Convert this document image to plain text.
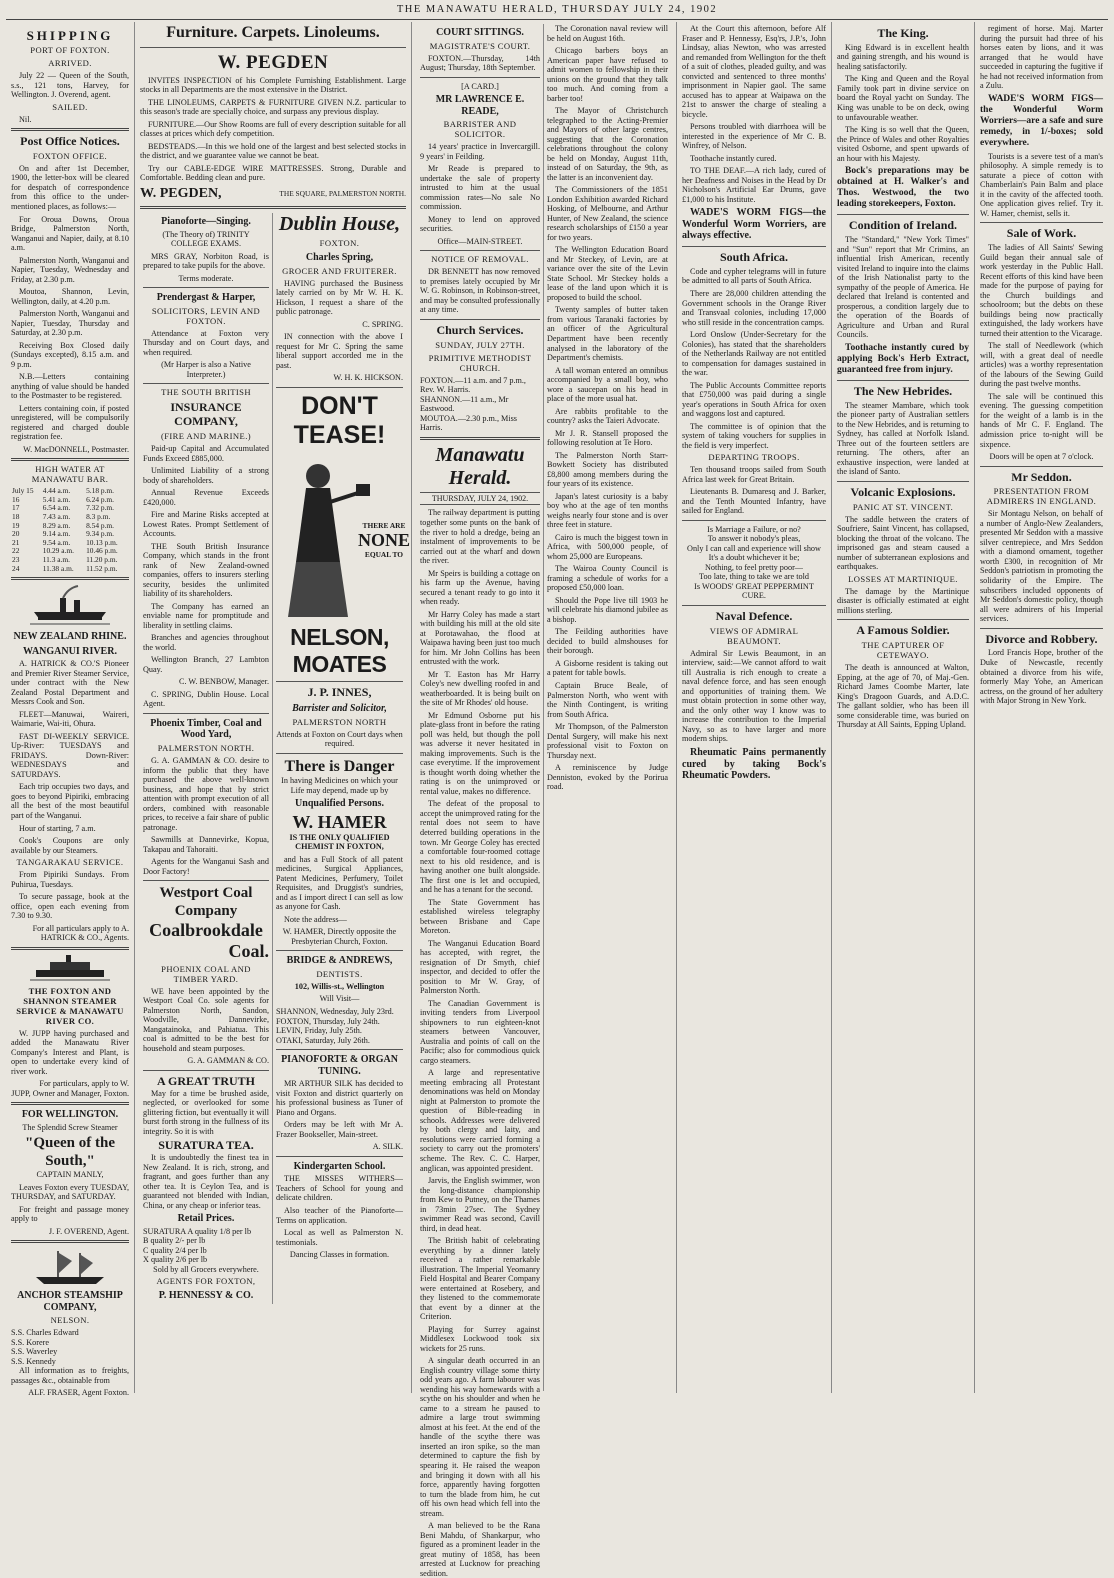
THE MANAWATU HERALD, THURSDAY JULY 24, 1902
SHIPPING
PORT OF FOXTON.
ARRIVED.

July 22 — Queen of the South, s.s., 121 tons, Harvey, for Wellington. J. Overend, agent.

SAILED.

Nil.

Post Office Notices.
FOXTON OFFICE.

On and after 1st December, 1900, the letter-box will be cleared for despatch of correspondence from this office to the under-mentioned places, as follows:—

For Oroua Downs, Oroua Bridge, Palmerston North, Wanganui and Napier, daily, at 8.10 a.m.

Palmerston North, Wanganui and Napier, Tuesday, Wednesday and Friday, at 2.30 p.m.

Moutoa, Shannon, Levin, Wellington, daily, at 4.20 p.m.

Palmerston North, Wanganui and Napier, Tuesday, Thursday and Saturday, at 2.30 p.m.

Receiving Box Closed daily (Sundays excepted), 8.15 a.m. and 9 p.m.

N.B.—Letters containing anything of value should be handed to the Postmaster to be registered.

Letters containing coin, if posted unregistered, will be compulsorily registered and charged double registration fee.

W. MacDONNELL, Postmaster.

HIGH WATER AT MANAWATU BAR.
July 15	4.44 a.m.	5.18 p.m.
16	5.41 a.m.	6.24 p.m.
17	6.54 a.m.	7.32 p.m.
18	7.43 a.m.	8.3 p.m.
19	8.29 a.m.	8.54 p.m.
20	9.14 a.m.	9.34 p.m.
21	9.54 a.m.	10.13 p.m.
22	10.29 a.m.	10.46 p.m.
23	11.3 a.m.	11.20 p.m.
24	11.38 a.m.	11.52 p.m.
NEW ZEALAND RHINE.
WANGANUI RIVER.

A. HATRICK & CO.'S Pioneer and Premier River Steamer Service, under contract with the New Zealand Postal Department and Messrs Cook and Son.

FLEET—Manuwai, Waireri, Waimarie, Wai-iti, Ohura.

FAST DI-WEEKLY SERVICE. Up-River: TUESDAYS and FRIDAYS. Down-River: WEDNESDAYS and SATURDAYS.

Each trip occupies two days, and goes to beyond Pipiriki, embracing all the best of the most beautiful part of the Wanganui.

Hour of starting, 7 a.m.

Cook's Coupons are only available by our Steamers.

TANGARAKAU SERVICE.

From Pipiriki Sundays. From Puhirua, Tuesdays.

To secure passage, book at the office, open each evening from 7.30 to 9.30.

For all particulars apply to A. HATRICK & CO., Agents.

THE FOXTON AND SHANNON STEAMER SERVICE & MANAWATU RIVER CO.

W. JUPP having purchased and added the Manawatu River Company's Interest and Plant, is open to undertake every kind of river work.

For particulars, apply to W. JUPP, Owner and Manager, Foxton.

FOR WELLINGTON.

The Splendid Screw Steamer

"Queen of the South,"

CAPTAIN MANLY,

Leaves Foxton every TUESDAY, THURSDAY, and SATURDAY.

For freight and passage money apply to

J. F. OVEREND, Agent.

ANCHOR STEAMSHIP COMPANY,
NELSON.
S.S. Charles Edward
S.S. Korere
S.S. Waverley
S.S. Kennedy

All information as to freights, passages &c., obtainable from

ALF. FRASER, Agent Foxton.

Furniture. Carpets. Linoleums.
W. PEGDEN

INVITES INSPECTION of his Complete Furnishing Establishment. Large stocks in all Departments are the most extensive in the District.

THE LINOLEUMS, CARPETS & FURNITURE GIVEN N.Z. particular to this season's trade are specially choice, and surpass any previous display.

FURNITURE.—Our Show Rooms are full of every description suitable for all classes at prices which defy competition.

BEDSTEADS.—In this we hold one of the largest and best selected stocks in the district, and we guarantee value we cannot be beat.

Try our CABLE-EDGE WIRE MATTRESSES. Strong, Durable and Comfortable. Bedding clean and pure.

W. PEGDEN,	THE SQUARE, PALMERSTON NORTH.
Pianoforte—Singing.

(The Theory of) TRINITY COLLEGE EXAMS.

MRS GRAY, Norbiton Road, is prepared to take pupils for the above.

Terms moderate.

Prendergast & Harper,
SOLICITORS, LEVIN AND FOXTON.

Attendance at Foxton very Thursday and on Court days, and when required.

(Mr Harper is also a Native Interpreter.)

THE SOUTH BRITISH
INSURANCE COMPANY,
(FIRE AND MARINE.)

Paid-up Capital and Accumulated Funds Exceed £885,000.

Unlimited Liability of a strong body of shareholders.

Annual Revenue Exceeds £420,000.

Fire and Marine Risks accepted at Lowest Rates. Prompt Settlement of Accounts.

THE South British Insurance Company, which stands in the front rank of New Zealand-owned companies, offers to insurers sterling security, besides the unlimited liability of its shareholders.

The Company has earned an enviable name for promptitude and liberality in settling claims.

Branches and agencies throughout the world.

Wellington Branch, 27 Lambton Quay.

C. W. BENBOW, Manager.

C. SPRING, Dublin House. Local Agent.

Phoenix Timber, Coal and Wood Yard,
PALMERSTON NORTH.

G. A. GAMMAN & CO. desire to inform the public that they have purchased the above well-known business, and hope that by strict attention with prompt execution of all orders, combined with reasonable prices, to receive a fair share of public patronage.

Sawmills at Dannevirke, Kopua, Takapau and Tahoraiti.

Agents for the Wanganui Sash and Door Factory!

Westport Coal Company
Coalbrookdale
Coal.
PHOENIX COAL AND TIMBER YARD.

WE have been appointed by the Westport Coal Co. sole agents for Palmerston North, Sandon, Woodville, Dannevirke, Mangatainoka, and Pahiatua. This coal is admitted to be the best for household and steam purposes.

G. A. GAMMAN & CO.

A GREAT TRUTH

May for a time be brushed aside, neglected, or overlooked for some glittering fiction, but eventually it will burst forth strong in the fullness of its integrity. So it is with

SURATURA TEA.

It is undoubtedly the finest tea in New Zealand. It is rich, strong, and fragrant, and goes further than any other tea. It is Ceylon Tea, and is guaranteed not blended with Indian, China, or any cheap or inferior teas.

Retail Prices.
SURATURA A quality 1/8 per lb
B quality 2/- per lb
C quality 2/4 per lb
X quality 2/6 per lb

Sold by all Grocers everywhere.

AGENTS FOR FOXTON,
P. HENNESSY & CO.
Dublin House,
FOXTON.
Charles Spring,
GROCER AND FRUITERER.

HAVING purchased the Business lately carried on by Mr W. H. K. Hickson, I request a share of the public patronage.

C. SPRING.

IN connection with the above I request for Mr C. Spring the same liberal support accorded me in the past.

W. H. K. HICKSON.

DON'T TEASE!
THERE ARE
NONE
EQUAL TO
NELSON, MOATES
J. P. INNES,
Barrister and Solicitor,
PALMERSTON NORTH

Attends at Foxton on Court days when required.

There is Danger

In having Medicines on which your Life may depend, made up by

Unqualified Persons.
W. HAMER

IS THE ONLY QUALIFIED CHEMIST IN FOXTON,

and has a Full Stock of all patent medicines, Surgical Appliances, Patent Medicines, Perfumery, Toilet Requisites, and Druggist's sundries, and as I import direct I can sell as low as anyone for Cash.

Note the address—

W. HAMER, Directly opposite the Presbyterian Church, Foxton.

BRIDGE & ANDREWS,
DENTISTS.

102, Willis-st., Wellington

Will Visit—

SHANNON, Wednesday, July 23rd.
FOXTON, Thursday, July 24th.
LEVIN, Friday, July 25th.
OTAKI, Saturday, July 26th.
PIANOFORTE & ORGAN TUNING.

MR ARTHUR SILK has decided to visit Foxton and district quarterly on his professional business as Tuner of Piano and Organs.

Orders may be left with Mr A. Frazer Bookseller, Main-street.

A. SILK.

Kindergarten School.

THE MISSES WITHERS—Teachers of School for young and delicate children.

Also teacher of the Pianoforte—Terms on application.

Local as well as Palmerston N. testimonials.

Dancing Classes in formation.

COURT SITTINGS.
MAGISTRATE'S COURT.

FOXTON.—Thursday, 14th August; Thursday, 18th September.

[A CARD.]

MR LAWRENCE E. READE,
BARRISTER AND SOLICITOR.

14 years' practice in Invercargill. 9 years' in Feilding.

Mr Reade is prepared to undertake the sale of property intrusted to him at the usual commission rates—No sale No commission.

Money to lend on approved securities.

Office—MAIN-STREET.

NOTICE OF REMOVAL.

DR BENNETT has now removed to premises lately occupied by Mr W. G. Robinson, in Robinson-street, and may be consulted professionally at any time.

Church Services.
SUNDAY, JULY 27TH.
PRIMITIVE METHODIST CHURCH.
FOXTON.—11 a.m. and 7 p.m., Rev. W. Harris.
SHANNON.—11 a.m., Mr Eastwood.
MOUTOA.—2.30 p.m., Miss Harris.
Manawatu Herald.
THURSDAY, JULY 24, 1902.

The railway department is putting together some punts on the bank of the river to hold a dredge, being an instalment of improvements to be carried out at the wharf and down the river.

Mr Speirs is building a cottage on his farm up the Avenue, having secured a tenant ready to go into it when ready.

Mr Harry Coley has made a start with building his mill at the old site at Porotawahao, the flood at Waipawa having been just too much for him. Mr John Collins has been entrusted with the work.

Mr T. Easton has Mr Harry Coley's new dwelling roofed in and weatherboarded. It is being built on the site of Mr Rhodes' old house.

Mr Edmund Osborne put his plate-glass front in before the rating poll was held, but though the poll was adverse it never hesitated in making improvements. Such is the case everytime. If the improvement is thought worth doing whether the rating is on the unimproved or rental value, makes no difference.

The defeat of the proposal to accept the unimproved rating for the rental does not seem to have deterred building operations in the town. Mr George Coley has erected a comfortable four-roomed cottage next to his old residence, and is having another one built alongside. The first one is let and occupied, and he has a tenant for the second.

The State Government has established wireless telegraphy between Brisbane and Cape Moreton.

The Wanganui Education Board has accepted, with regret, the resignation of Dr Smyth, chief inspector, and decided to offer the position to Mr W. Gray, of Palmerston North.

The Canadian Government is inviting tenders from Liverpool shipowners to run eighteen-knot steamers between Vancouver, Australia and points of call on the Pacific; also for commodious quick cargo steamers.

A large and representative meeting embracing all Protestant denominations was held on Monday night at Palmerston to promote the question of Bible-reading in schools. Addresses were delivered by both clergy and laity, and resolutions were carried forming a society to carry out the promoters' scheme. The Rev. C. C. Harper, anglican, was appointed president.

Jarvis, the English swimmer, won the long-distance championship from Kew to Putney, on the Thames in 73min 27sec. The Sydney swimmer Read was second, Cavill third, in dead heat.

The British habit of celebrating everything by a dinner lately received a rather remarkable illustration. The Imperial Yeomanry Field Hospital and Bearer Company were entertained at Rosebery, and they listened to the commemorate that event by a dinner at the Criterion.

Playing for Surrey against Middlesex Lockwood took six wickets for 25 runs.

A singular death occurred in an English country village some thirty odd years ago. A farm labourer was wending his way homewards with a scythe on his shoulder and when he came to a stream he paused to admire a large trout swimming almost at his feet. At the end of the handle of the scythe there was inserted an iron spike, so the man determined to capture the fish by spearing it. He raised the weapon and bringing it down with all his force, apparently having forgotten to turn the blade from him, he cut off his own head which fell into the stream.

A man believed to be the Rana Beni Mahdu, of Shankarpur, who figured as a prominent leader in the great mutiny of 1858, has been arrested at Lucknow for preaching sedition.

The Coronation naval review will be held on August 16th.

Chicago barbers boys an American paper have refused to admit women to fellowship in their unions on the ground that they talk too much. And coming from a barber too!

The Mayor of Christchurch telegraphed to the Acting-Premier and Mayors of other large centres, suggesting that the Coronation celebrations throughout the colony be held on Monday, August 11th, instead of on Saturday, the 9th, as the latter is an inconvenient day.

The Commissioners of the 1851 London Exhibition awarded Richard Hosking, of Melbourne, and Arthur Hunter, of New Zealand, the science research scholarships of £150 a year for two years.

The Wellington Education Board and Mr Steckey, of Levin, are at variance over the site of the Levin State School. Mr Steckey holds a lease of the land upon which it is proposed to build the school.

Twenty samples of butter taken from various Taranaki factories by an officer of the Agricultural Department have been recently analysed in the laboratory of the Department's chemists.

A tall woman entered an omnibus accompanied by a small boy, who wore a saucepan on his head in place of the more usual hat.

Are rabbits profitable to the country? asks the Taieri Advocate.

Mr J. R. Stansell proposed the following resolution at Te Horo.

The Palmerston North Starr-Bowkett Society has distributed £8,800 among members during the four years of its existence.

Japan's latest curiosity is a baby boy who at the age of ten months weighs nearly four stone and is over three feet in stature.

Cairo is much the biggest town in Africa, with 500,000 people, of whom 25,000 are Europeans.

The Wairoa County Council is framing a schedule of works for a proposed £50,000 loan.

Should the Pope live till 1903 he will celebrate his diamond jubilee as a bishop.

The Feilding authorities have decided to build almshouses for their borough.

A Gisborne resident is taking out a patent for table bowls.

Captain Bruce Beale, of Palmerston North, who went with the Ninth Contingent, is writing from South Africa.

Mr Thompson, of the Palmerston Dental Surgery, will make his next professional visit to Foxton on Thursday next.

A reminiscence by Judge Denniston, evoked by the Porirua road.

At the Court this afternoon, before Alf Fraser and P. Hennessy, Esq'rs, J.P.'s, John Lindsay, alias Newton, who was arrested and remanded from Wellington for the theft of a suit of clothes, pleaded guilty, and was convicted and sentenced to three months' imprisonment in Napier gaol. The same accused has to appear at Waipawa on the 21st to answer the charge of stealing a bicycle.

Persons troubled with diarrhoea will be interested in the experience of Mr C. B. Winfrey, of Nelson.

Toothache instantly cured.

TO THE DEAF.—A rich lady, cured of her Deafness and Noises in the Head by Dr Nicholson's Artificial Ear Drums, gave £1,000 to his Institute.

WADE'S WORM FIGS—the Wonderful Worm Worriers, are always effective.

South Africa.

Code and cypher telegrams will in future be admitted to all parts of South Africa.

There are 28,000 children attending the Government schools in the Orange River and Transvaal colonies, including 17,000 who still reside in the concentration camps.

Lord Onslow (Under-Secretary for the Colonies), has stated that the shareholders of the Netherlands Railway are not entitled to compensation for damages sustained in the war.

The Public Accounts Committee reports that £750,000 was paid during a single year's operations in South Africa for oxen and waggons lost and captured.

The committee is of opinion that the system of taking vouchers for supplies in the field is very imperfect.

DEPARTING TROOPS.

Ten thousand troops sailed from South Africa last week for Great Britain.

Lieutenants B. Dumaresq and J. Barker, and the Tenth Mounted Infantry, have sailed for England.

Is Marriage a Failure, or no?
To answer it nobody's pleas,
Only I can call and experience will show
It's a doubt whichever it be;
Nothing, to feel pretty poor—
Too late, thing to take we are told
Is WOODS' GREAT PEPPERMINT CURE.
Naval Defence.
VIEWS OF ADMIRAL BEAUMONT.

Admiral Sir Lewis Beaumont, in an interview, said:—We cannot afford to wait till Australia is rich enough to create a naval defence force, and has seen enough and opportunities of training them. We must obtain protection in some other way, and the only other way I know was to increase the contribution to the Imperial Navy, so as to have larger and more modern ships.

Rheumatic Pains permanently cured by taking Bock's Rheumatic Powders.

The King.

King Edward is in excellent health and gaining strength, and his wound is healing satisfactorily.

The King and Queen and the Royal Family took part in divine service on board the Royal yacht on Sunday. The King was unable to be on deck, owing to unfavourable weather.

The King is so well that the Queen, the Prince of Wales and other Royalties visited Osborne, and spent upwards of an hour with his Majesty.

Bock's preparations may be obtained at H. Walker's and Thos. Westwood, the two leading storekeepers, Foxton.

Condition of Ireland.

The "Standard," "New York Times" and "Sun" report that Mr Crimins, an influential Irish American, recently visited Ireland to inquire into the claims of the Irish Nationalist party to the sympathy of the people of America. He declared that Ireland is contented and prosperous, a condition largely due to the operation of the Boards of Agriculture and Urban and Rural Councils.

Toothache instantly cured by applying Bock's Herb Extract, guaranteed free from injury.

The New Hebrides.

The steamer Mambare, which took the pioneer party of Australian settlers to the New Hebrides, and is returning to Sydney, has called at Norfolk Island. Three out of the fourteen settlers are returning. The others, after an exhaustive inspection, were landed at the island of Santo.

Volcanic Explosions.
PANIC AT ST. VINCENT.

The saddle between the craters of Soufriere, Saint Vincent, has collapsed, blocking the throat of the volcano. The imprisoned gas and steam caused a number of subterranean explosions and earthquakes.

LOSSES AT MARTINIQUE.

The damage by the Martinique disaster is officially estimated at eight millions sterling.

A Famous Soldier.
THE CAPTURER OF CETEWAYO.

The death is announced at Walton, Epping, at the age of 70, of Maj.-Gen. Richard James Coombe Marter, late King's Dragoon Guards, and A.D.C. The gallant soldier, who has been ill some considerable time, was buried on Thursday at All Saints, Epping Upland.

regiment of horse. Maj. Marter during the pursuit had three of his horses eaten by lions, and it was arranged that he would have succeeded in capturing the fugitive if he had not received information from a Zulu.

WADE'S WORM FIGS—the Wonderful Worm Worriers—are a safe and sure remedy, in 1/-boxes; sold everywhere.

Tourists is a severe test of a man's philosophy. A simple remedy is to saturate a piece of cotton with Chamberlain's Pain Balm and place it in the cavity of the affected tooth. One application gives relief. Try it. W. Hamer, chemist, sells it.

Sale of Work.

The ladies of All Saints' Sewing Guild began their annual sale of work yesterday in the Public Hall. Recent efforts of this kind have been made for the purpose of paying for the Church buildings and schoolroom; but the debts on these buildings being now practically extinguished, the lady workers have turned their attention to the Vicarage.

The stall of Needlework (which will, with a great deal of needle articles) was a worthy representation of the labours of the Sewing Guild during the past twelve months.

The sale will be continued this evening. The guessing competition for the weight of a lamb is in the hands of Mr C. F. England. The admission price to-night will be sixpence.

Doors will be open at 7 o'clock.

Mr Seddon.
PRESENTATION FROM ADMIRERS IN ENGLAND.

Sir Montagu Nelson, on behalf of a number of Anglo-New Zealanders, presented Mr Seddon with a massive silver centrepiece, and Mrs Seddon with a diamond ornament, together worth £300, in recognition of Mr Seddon's patriotism in promoting the solidarity of the Empire. The subscribers included opponents of Mr Seddon's domestic policy, though all were admirers of his Imperial services.

Divorce and Robbery.

Lord Francis Hope, brother of the Duke of Newcastle, recently obtained a divorce from his wife, formerly May Yohe, an American actress, on the ground of her adultery with Major Strong in New York.
